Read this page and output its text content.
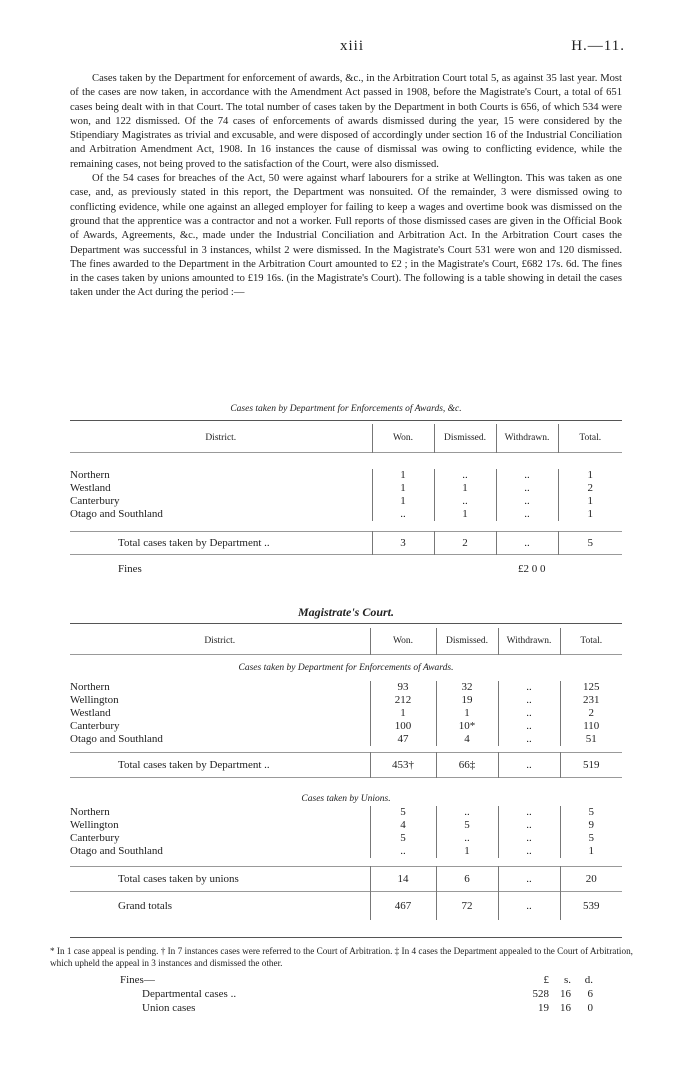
xiii	H.—11.

Cases taken by the Department for enforcement of awards, &c., in the Arbitration Court total 5, as against 35 last year. Most of the cases are now taken, in accordance with the Amendment Act passed in 1908, before the Magistrate's Court, a total of 651 cases being dealt with in that Court. The total number of cases taken by the Department in both Courts is 656, of which 534 were won, and 122 dismissed. Of the 74 cases of enforcements of awards dismissed during the year, 15 were considered by the Stipendiary Magistrates as trivial and excusable, and were disposed of accordingly under section 16 of the Industrial Conciliation and Arbitration Amendment Act, 1908. In 16 instances the cause of dismissal was owing to conflicting evidence, while the remaining cases, not being proved to the satisfaction of the Court, were also dismissed.

Of the 54 cases for breaches of the Act, 50 were against wharf labourers for a strike at Wellington. This was taken as one case, and, as previously stated in this report, the Department was nonsuited. Of the remainder, 3 were dismissed owing to conflicting evidence, while one against an alleged employer for failing to keep a wages and overtime book was dismissed on the ground that the apprentice was a contractor and not a worker. Full reports of those dismissed cases are given in the Official Book of Awards, Agreements, &c., made under the Industrial Conciliation and Arbitration Act. In the Arbitration Court cases the Department was successful in 3 instances, whilst 2 were dismissed. In the Magistrate's Court 531 were won and 120 dismissed. The fines awarded to the Department in the Arbitration Court amounted to £2 ; in the Magistrate's Court, £682 17s. 6d. The fines in the cases taken by unions amounted to £19 16s. (in the Magistrate's Court). The following is a table showing in detail the cases taken under the Act during the period :—

Cases taken by Department for Enforcements of Awards, &c.
District.	Won.	Dismissed.	Withdrawn.	Total.

Northern	1	..	..	1
Westland	1	1	..	2
Canterbury	1	..	..	1
Otago and Southland	..	1	..	1

Total cases taken by Department ..	3	2	..	5

Fines			£2 0 0	
Magistrate's Court.
District.	Won.	Dismissed.	Withdrawn.	Total.
Cases taken by Department for Enforcements of Awards.				
Northern	93	32	..	125
Wellington	212	19	..	231
Westland	1	1	..	2
Canterbury	100	10*	..	110
Otago and Southland	47	4	..	51

Total cases taken by Department ..	453†	66‡	..	519
Cases taken by Unions.				
Northern	5	..	..	5
Wellington	4	5	..	9
Canterbury	5	..	..	5
Otago and Southland	..	1	..	1

Total cases taken by unions	14	6	..	20
Grand totals	467	72	..	539
* In 1 case appeal is pending. † In 7 instances cases were referred to the Court of Arbitration. ‡ In 4 cases the Department appealed to the Court of Arbitration, which upheld the appeal in 3 instances and dismissed the other.
Fines—	£	s.	d.
Departmental cases ..	528	16	6
Union cases	19	16	0
